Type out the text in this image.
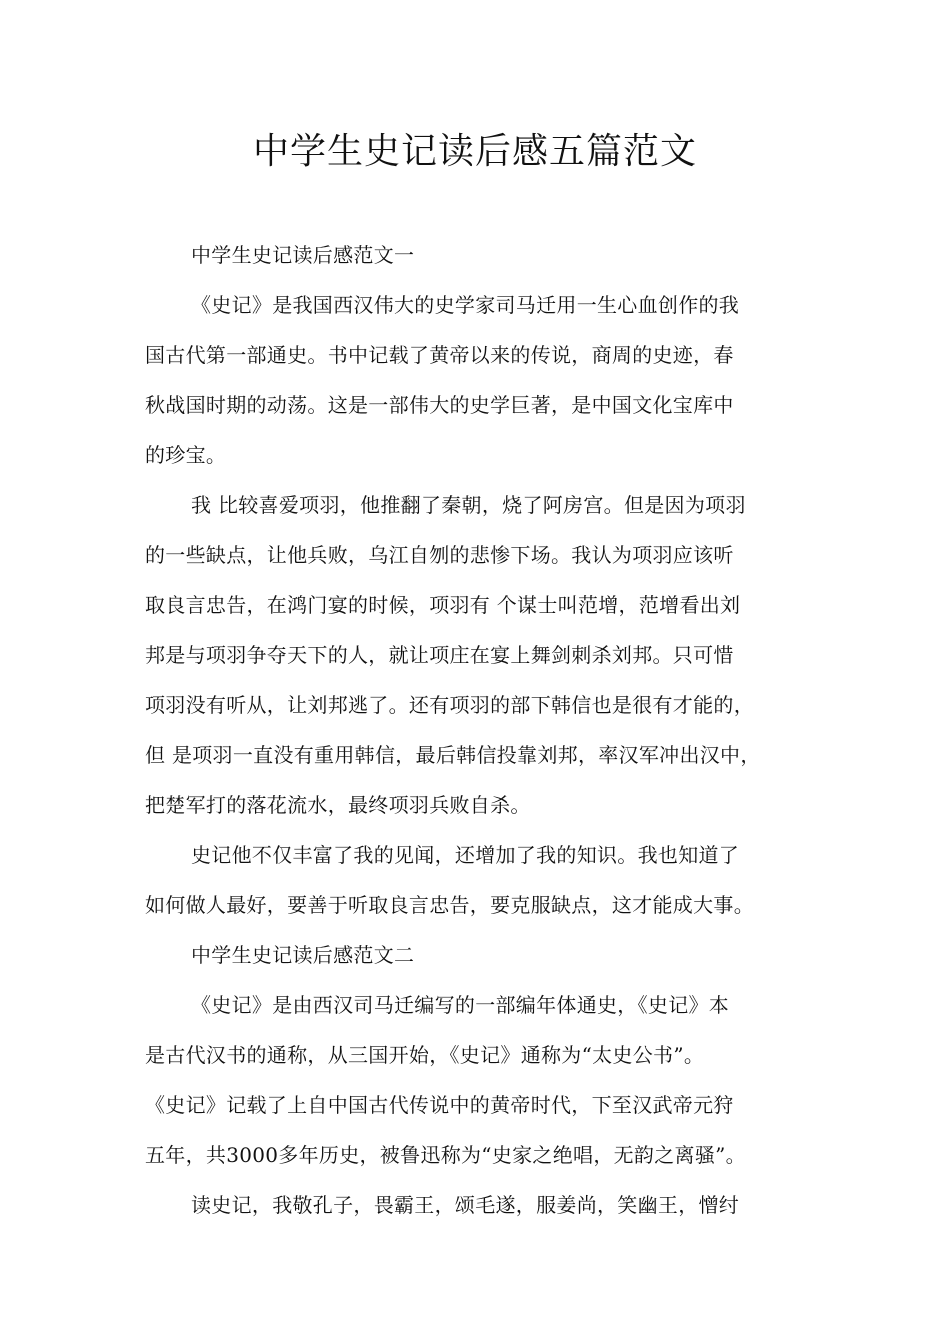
中学生史记读后感五篇范文

中学生史记读后感范文一

《史记》是我国西汉伟大的史学家司马迁用一生心血创作的我
国古代第一部通史。书中记载了黄帝以来的传说，商周的史迹，春
秋战国时期的动荡。这是一部伟大的史学巨著，是中国文化宝库中
的珍宝。

我 比较喜爱项羽，他推翻了秦朝，烧了阿房宫。但是因为项羽
的一些缺点，让他兵败，乌江自刎的悲惨下场。我认为项羽应该听
取良言忠告，在鸿门宴的时候，项羽有 个谋士叫范增，范增看出刘
邦是与项羽争夺天下的人，就让项庄在宴上舞剑刺杀刘邦。只可惜
项羽没有听从，让刘邦逃了。还有项羽的部下韩信也是很有才能的，
但 是项羽一直没有重用韩信，最后韩信投靠刘邦，率汉军冲出汉中，
把楚军打的落花流水，最终项羽兵败自杀。

史记他不仅丰富了我的见闻，还增加了我的知识。我也知道了
如何做人最好，要善于听取良言忠告，要克服缺点，这才能成大事。

中学生史记读后感范文二

《史记》是由西汉司马迁编写的一部编年体通史，《史记》本
是古代汉书的通称，从三国开始，《史记》通称为“太史公书”。
《史记》记载了上自中国古代传说中的黄帝时代，下至汉武帝元狩
五年，共3000多年历史，被鲁迅称为“史家之绝唱，无韵之离骚”。

读史记，我敬孔子，畏霸王，颂毛遂，服姜尚，笑幽王，憎纣
